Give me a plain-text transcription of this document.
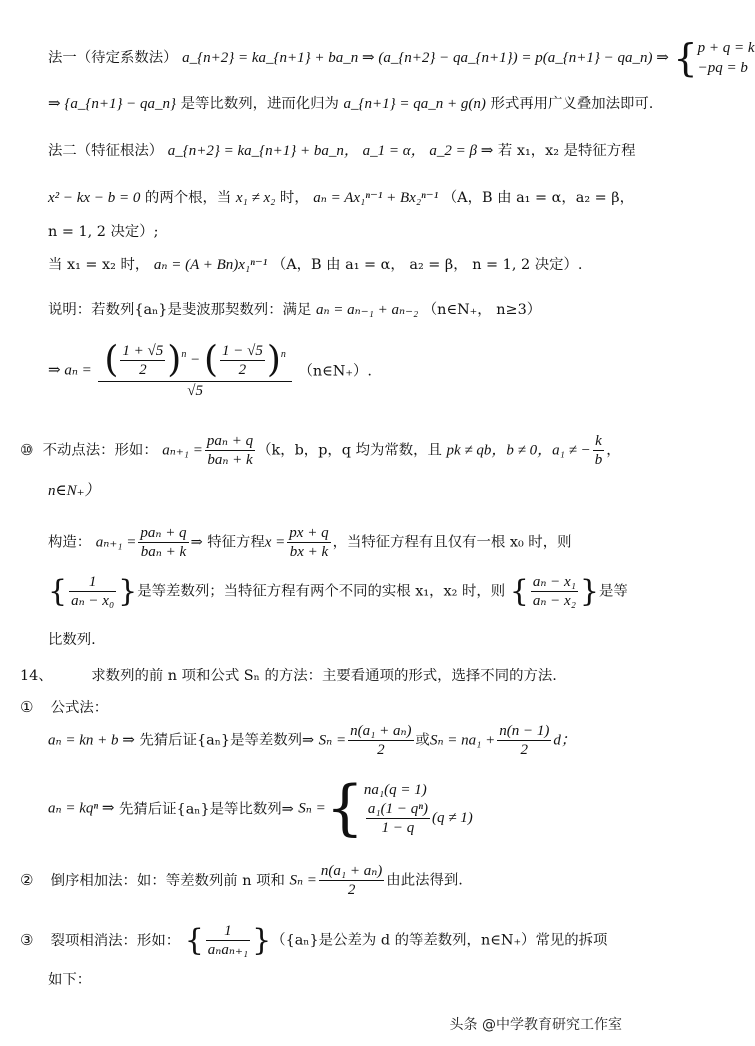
法一（待定系数法） a_{n+2} = ka_{n+1} + ba_n ⇒ (a_{n+2} − qa_{n+1}) = p(a_{n+1} − qa_n) ⇒ { p + q = k
−pq = b
⇒ {a_{n+1} − qa_n} 是等比数列，进而化归为 a_{n+1} = qa_n + g(n) 形式再用广义叠加法即可.
法二（特征根法） a_{n+2} = ka_{n+1} + ba_n， a_1 = α， a_2 = β ⇒ 若 x₁，x₂ 是特征方程
x² − kx − b = 0 的两个根，当 x₁ ≠ x₂ 时， aₙ = Ax₁ⁿ⁻¹ + Bx₂ⁿ⁻¹ （A，B 由 a₁ = α，a₂ = β，
n = 1, 2 决定）;
当 x₁ = x₂ 时， aₙ = (A + Bn)x₁ⁿ⁻¹ （A，B 由 a₁ = α， a₂ = β， n = 1, 2 决定）.
说明：若数列{aₙ}是斐波那契数列：满足 aₙ = aₙ₋₁ + aₙ₋₂ （n∈N₊， n≥3）
⇒ $a_n = \frac{( \frac{1 + √5}{2} )^n - ( \frac{1 - √5}{2} )^n}{√5}$ （n∈N₊）.
⑩ 不动点法：形如： $a_{n+1} = \frac{\text{paₙ + q}}{\text{baₙ + k}} (k$，b，p，q 均为常数，且 pk ≠ qb，b ≠ 0，a₁ ≠ − $\frac{k}{b}$ ，
n∈N₊）
构造： $a_{n+1} = \frac{\text{paₙ + q}}{\text{baₙ + k}}$ ⇒ 特征方程$x = \frac{px + q}{bx + k}$ ，当特征方程有且仅有一根 x₀ 时，则
{ $\frac{1}{\text{aₙ − x₀}}$ }是等差数列；当特征方程有两个不同的实根 x₁，x₂ 时，则 { $\frac{\text{aₙ − x₁}}{\text{aₙ − x₂}}$ }是等
比数列.
14、	求数列的前 n 项和公式 Sₙ 的方法：主要看通项的形式，选择不同的方法.
① 公式法：
aₙ = kn + b ⇒ 先猜后证{aₙ}是等差数列⇒ $S_n = \frac{\text{n(a₁ + aₙ)}}{2}$ 或$S_n = na_1 + \frac{n(n - 1)}{2}$ d；
aₙ = kqⁿ ⇒ 先猜后证{aₙ}是等比数列⇒ Sₙ ={ na₁(q = 1)
$\frac{\text{a₁(1 − qⁿ)}}{1 - q} (q \ne 1)$
② 倒序相加法：如：等差数列前 n 项和 $S_n = \frac{\text{n(a₁ + aₙ)}}{2}$ 由此法得到.
③ 裂项相消法：形如： { $\frac{1}{\text{aₙaₙ₊₁}} \}(\{a_n\}$是公差为 d 的等差数列，n∈N₊）常见的拆项
如下：
头条 @中学教育研究工作室
